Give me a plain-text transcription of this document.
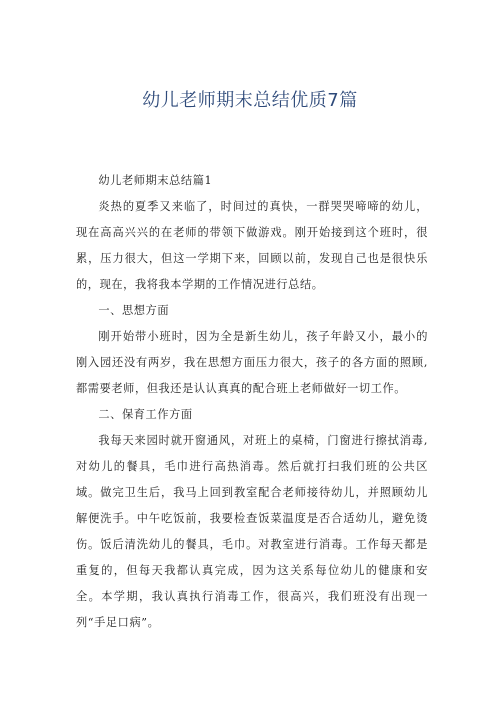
幼儿老师期末总结优质7篇

幼儿老师期末总结篇1

炎热的夏季又来临了，时间过的真快，一群哭哭啼啼的幼儿，现在高高兴兴的在老师的带领下做游戏。刚开始接到这个班时，很累，压力很大，但这一学期下来，回顾以前，发现自己也是很快乐的，现在，我将我本学期的工作情况进行总结。

一、思想方面

刚开始带小班时，因为全是新生幼儿，孩子年龄又小，最小的刚入园还没有两岁，我在思想方面压力很大，孩子的各方面的照顾,都需要老师，但我还是认认真真的配合班上老师做好一切工作。

二、保育工作方面

我每天来园时就开窗通风，对班上的桌椅，门窗进行擦拭消毒,对幼儿的餐具，毛巾进行高热消毒。然后就打扫我们班的公共区域。做完卫生后，我马上回到教室配合老师接待幼儿，并照顾幼儿解便洗手。中午吃饭前，我要检查饭菜温度是否合适幼儿，避免烫伤。饭后清洗幼儿的餐具，毛巾。对教室进行消毒。工作每天都是重复的，但每天我都认真完成，因为这关系每位幼儿的健康和安全。本学期，我认真执行消毒工作，很高兴，我们班没有出现一列“手足口病”。
